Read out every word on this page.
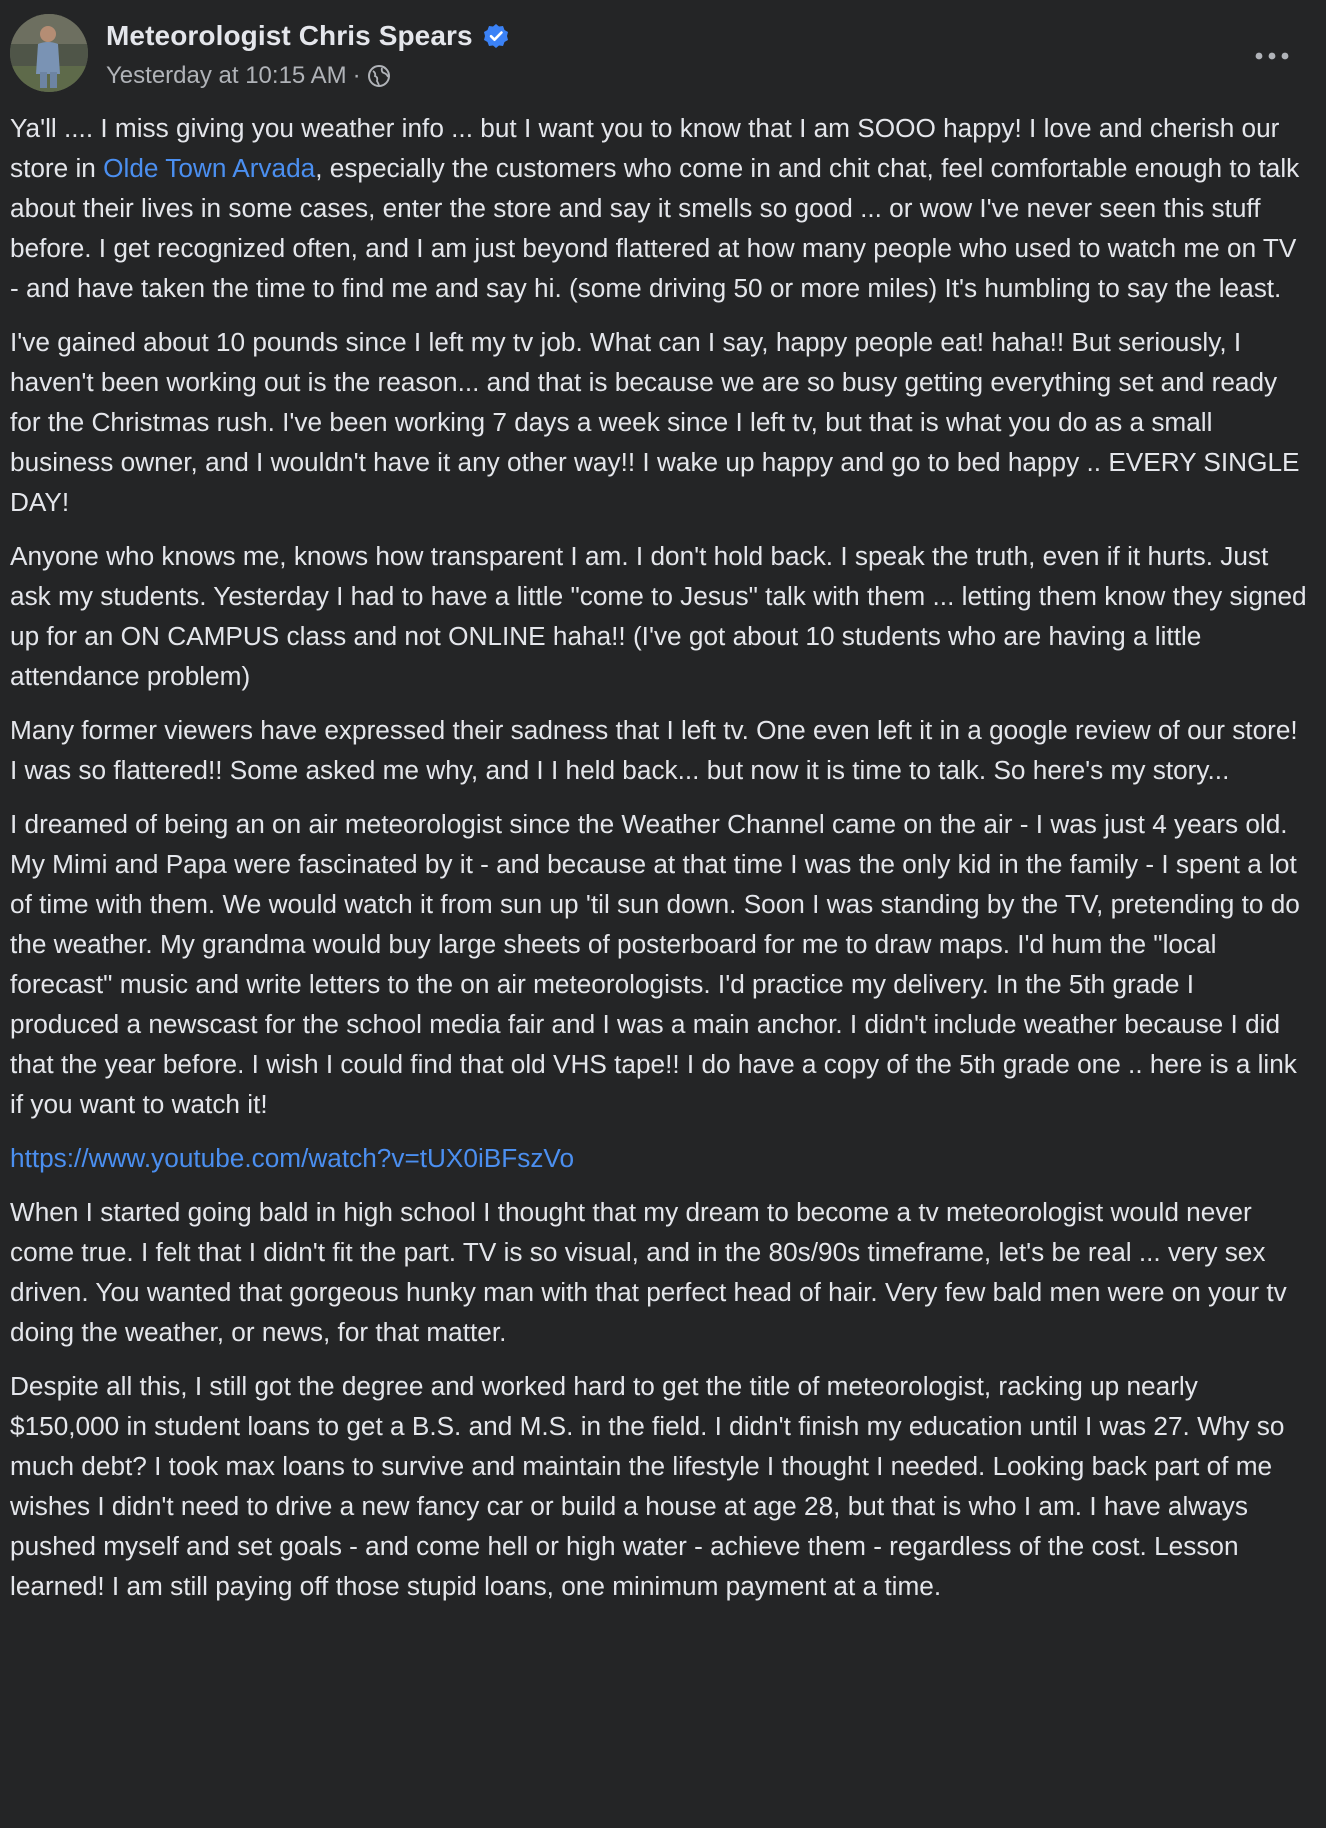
Meteorologist Chris Spears
Yesterday at 10:15 AM ·

Ya'll .... I miss giving you weather info ... but I want you to know that I am SOOO happy! I love and cherish our store in Olde Town Arvada, especially the customers who come in and chit chat, feel comfortable enough to talk about their lives in some cases, enter the store and say it smells so good ... or wow I've never seen this stuff before. I get recognized often, and I am just beyond flattered at how many people who used to watch me on TV - and have taken the time to find me and say hi. (some driving 50 or more miles) It's humbling to say the least.

I've gained about 10 pounds since I left my tv job. What can I say, happy people eat! haha!! But seriously, I haven't been working out is the reason... and that is because we are so busy getting everything set and ready for the Christmas rush. I've been working 7 days a week since I left tv, but that is what you do as a small business owner, and I wouldn't have it any other way!! I wake up happy and go to bed happy .. EVERY SINGLE DAY!

Anyone who knows me, knows how transparent I am. I don't hold back. I speak the truth, even if it hurts. Just ask my students. Yesterday I had to have a little "come to Jesus" talk with them ... letting them know they signed up for an ON CAMPUS class and not ONLINE haha!! (I've got about 10 students who are having a little attendance problem)

Many former viewers have expressed their sadness that I left tv. One even left it in a google review of our store! I was so flattered!! Some asked me why, and I I held back... but now it is time to talk. So here's my story...

I dreamed of being an on air meteorologist since the Weather Channel came on the air - I was just 4 years old. My Mimi and Papa were fascinated by it - and because at that time I was the only kid in the family - I spent a lot of time with them. We would watch it from sun up 'til sun down. Soon I was standing by the TV, pretending to do the weather. My grandma would buy large sheets of posterboard for me to draw maps. I'd hum the "local forecast" music and write letters to the on air meteorologists. I'd practice my delivery. In the 5th grade I produced a newscast for the school media fair and I was a main anchor. I didn't include weather because I did that the year before. I wish I could find that old VHS tape!! I do have a copy of the 5th grade one .. here is a link if you want to watch it!

https://www.youtube.com/watch?v=tUX0iBFszVo

When I started going bald in high school I thought that my dream to become a tv meteorologist would never come true. I felt that I didn't fit the part. TV is so visual, and in the 80s/90s timeframe, let's be real ... very sex driven. You wanted that gorgeous hunky man with that perfect head of hair. Very few bald men were on your tv doing the weather, or news, for that matter.

Despite all this, I still got the degree and worked hard to get the title of meteorologist, racking up nearly $150,000 in student loans to get a B.S. and M.S. in the field. I didn't finish my education until I was 27. Why so much debt? I took max loans to survive and maintain the lifestyle I thought I needed. Looking back part of me wishes I didn't need to drive a new fancy car or build a house at age 28, but that is who I am. I have always pushed myself and set goals - and come hell or high water - achieve them - regardless of the cost. Lesson learned! I am still paying off those stupid loans, one minimum payment at a time.
